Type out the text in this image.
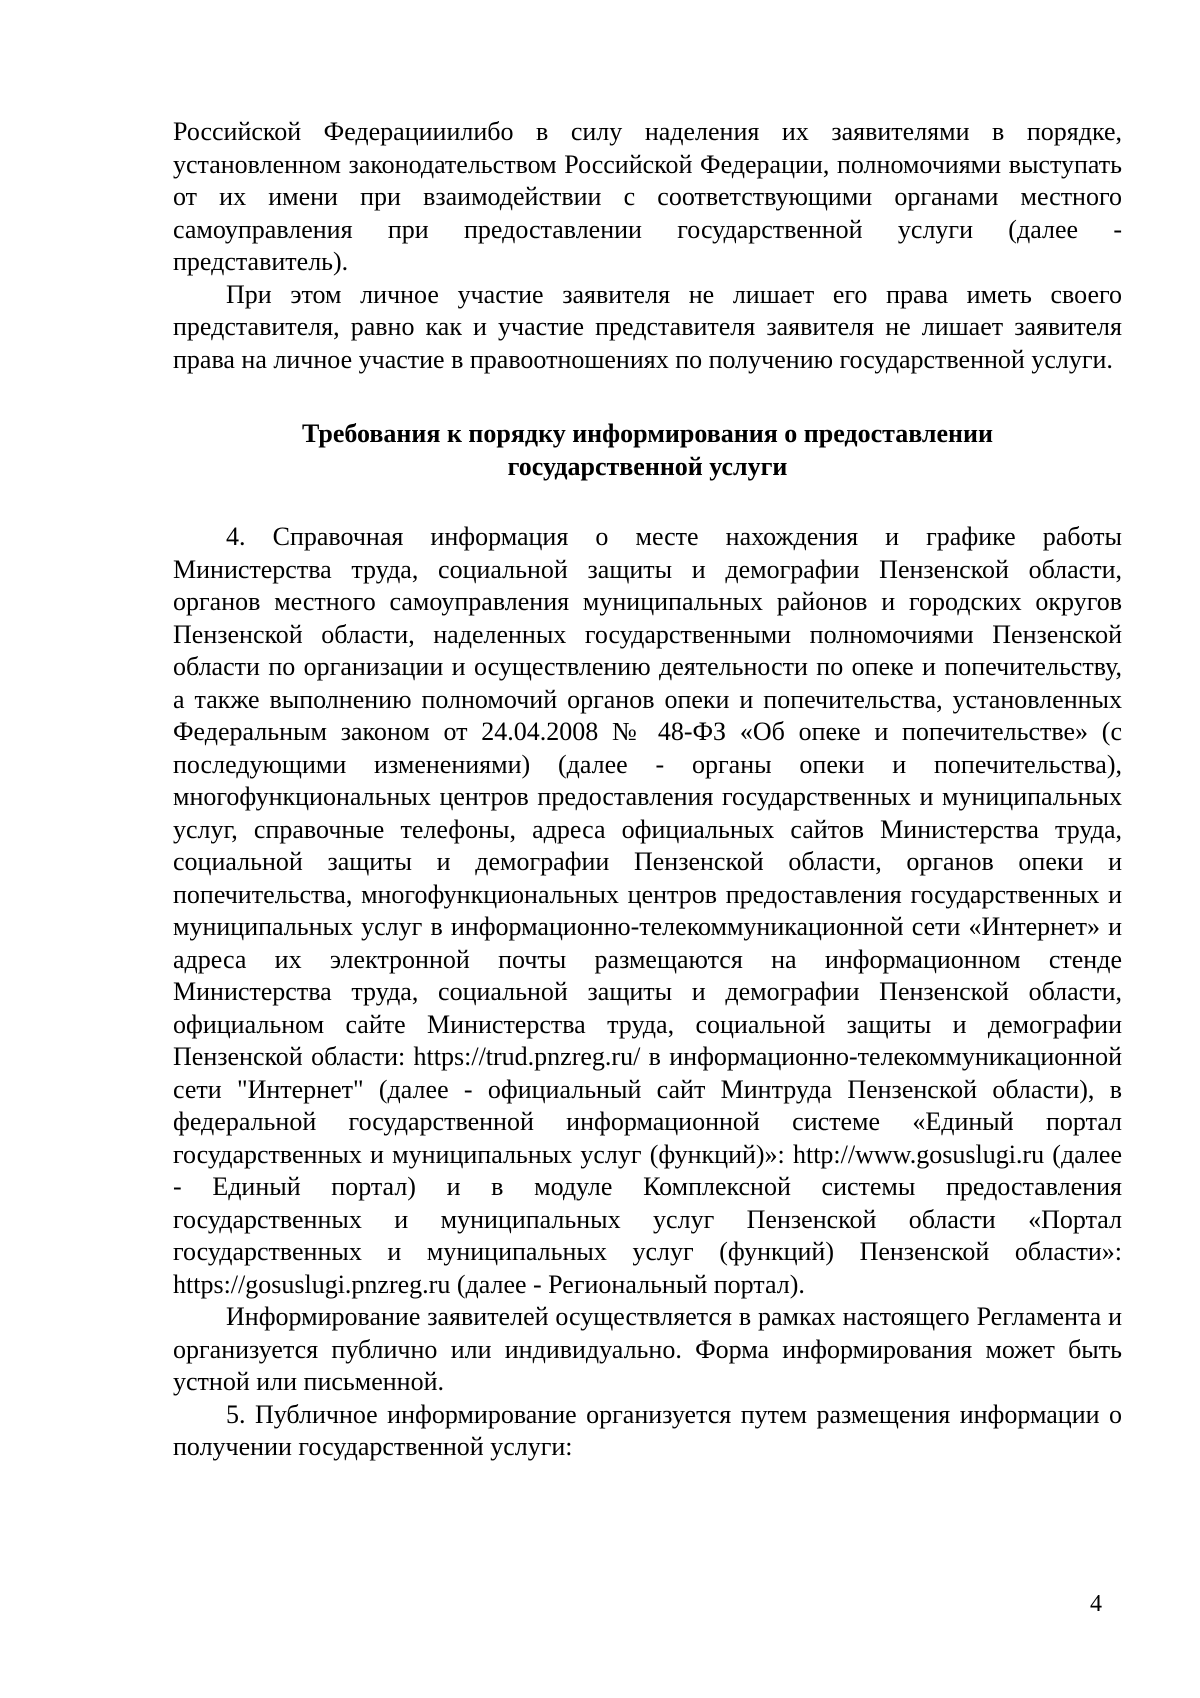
Российской Федерацииилибо в силу наделения их заявителями в порядке, установленном законодательством Российской Федерации, полномочиями выступать от их имени при взаимодействии с соответствующими органами местного самоуправления при предоставлении государственной услуги (далее - представитель).

При этом личное участие заявителя не лишает его права иметь своего представителя, равно как и участие представителя заявителя не лишает заявителя права на личное участие в правоотношениях по получению государственной услуги.

Требования к порядку информирования о предоставлении
государственной услуги

4. Справочная информация о месте нахождения и графике работы Министерства труда, социальной защиты и демографии Пензенской области, органов местного самоуправления муниципальных районов и городских округов Пензенской области, наделенных государственными полномочиями Пензенской области по организации и осуществлению деятельности по опеке и попечительству, а также выполнению полномочий органов опеки и попечительства, установленных Федеральным законом от 24.04.2008 № 48-ФЗ «Об опеке и попечительстве» (с последующими изменениями) (далее - органы опеки и попечительства), многофункциональных центров предоставления государственных и муниципальных услуг, справочные телефоны, адреса официальных сайтов Министерства труда, социальной защиты и демографии Пензенской области, органов опеки и попечительства, многофункциональных центров предоставления государственных и муниципальных услуг в информационно-телекоммуникационной сети «Интернет» и адреса их электронной почты размещаются на информационном стенде Министерства труда, социальной защиты и демографии Пензенской области, официальном сайте Министерства труда, социальной защиты и демографии Пензенской области: https://trud.pnzreg.ru/ в информационно-телекоммуникационной сети "Интернет" (далее - официальный сайт Минтруда Пензенской области), в федеральной государственной информационной системе «Единый портал государственных и муниципальных услуг (функций)»: http://www.gosuslugi.ru (далее - Единый портал) и в модуле Комплексной системы предоставления государственных и муниципальных услуг Пензенской области «Портал государственных и муниципальных услуг (функций) Пензенской области»: https://gosuslugi.pnzreg.ru (далее - Региональный портал).

Информирование заявителей осуществляется в рамках настоящего Регламента и организуется публично или индивидуально. Форма информирования может быть устной или письменной.

5. Публичное информирование организуется путем размещения информации о получении государственной услуги:

4
